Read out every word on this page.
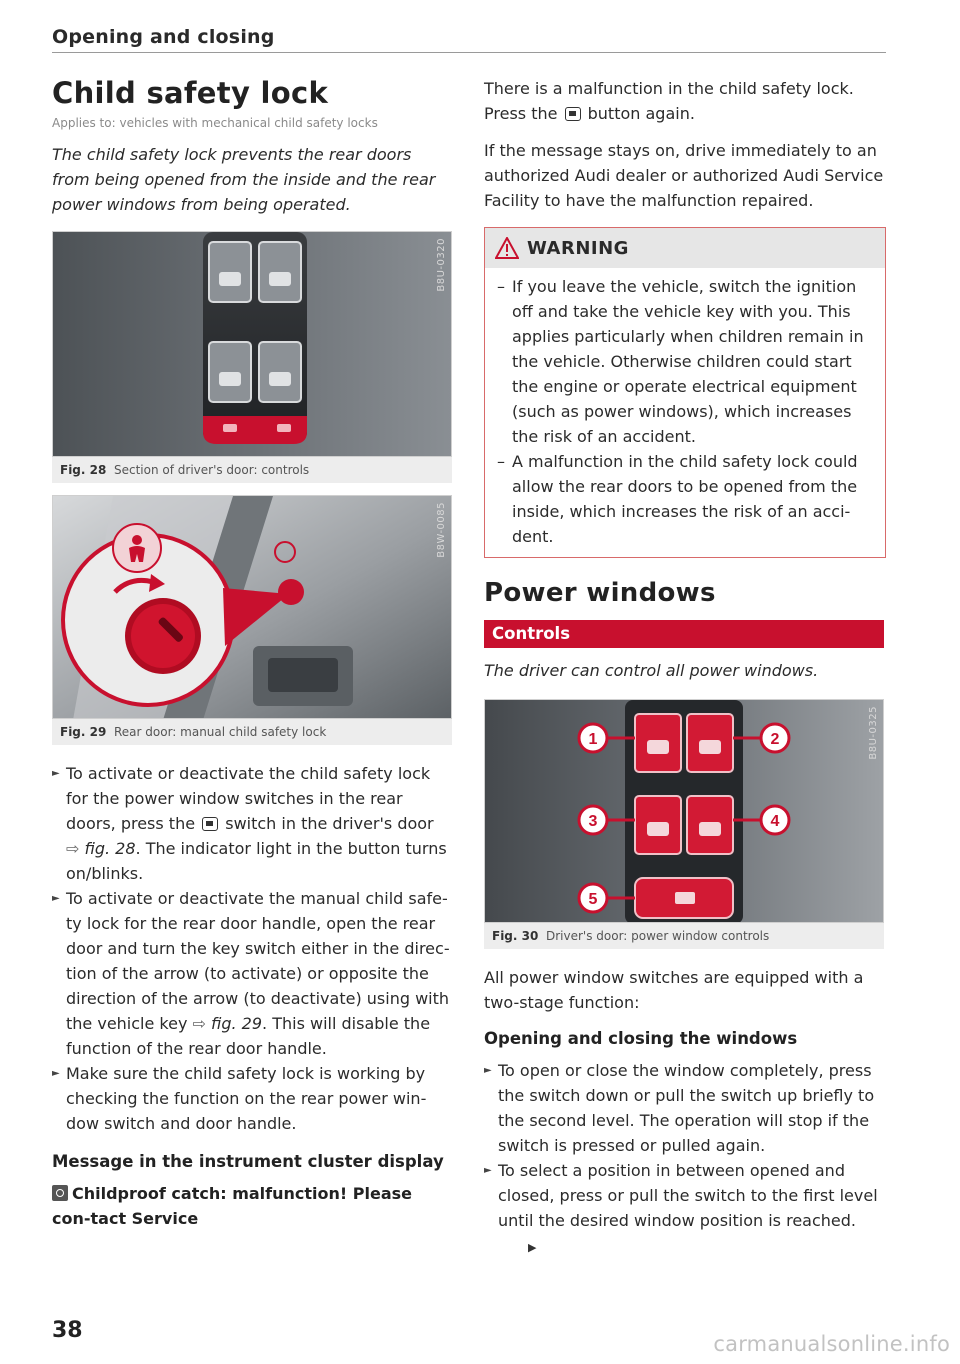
Opening and closing
Child safety lock
Applies to: vehicles with mechanical child safety locks
The child safety lock prevents the rear doors from being opened from the inside and the rear power windows from being operated.
B8U-0320
Fig. 28 Section of driver's door: controls
B8W-0085
Fig. 29 Rear door: manual child safety lock
► To activate or deactivate the child safety lock for the power window switches in the rear doors, press the  switch in the driver's door ⇨ fig. 28. The indicator light in the button turns on/blinks.
► To activate or deactivate the manual child safe-ty lock for the rear door handle, open the rear door and turn the key switch either in the direc-tion of the arrow (to activate) or opposite the direction of the arrow (to deactivate) using with the vehicle key ⇨ fig. 29. This will disable the function of the rear door handle.
► Make sure the child safety lock is working by checking the function on the rear power win-dow switch and door handle.
Message in the instrument cluster display
Childproof catch: malfunction! Please con-tact Service

There is a malfunction in the child safety lock. Press the  button again.

If the message stays on, drive immediately to an authorized Audi dealer or authorized Audi Service Facility to have the malfunction repaired.

WARNING
– If you leave the vehicle, switch the ignition off and take the vehicle key with you. This applies particularly when children remain in the vehicle. Otherwise children could start the engine or operate electrical equipment (such as power windows), which increases the risk of an accident.
– A malfunction in the child safety lock could allow the rear doors to be opened from the inside, which increases the risk of an acci-dent.
Power windows
Controls
The driver can control all power windows.
1	2
3	4
5
B8U-0325
Fig. 30 Driver's door: power window controls

All power window switches are equipped with a two-stage function:

Opening and closing the windows
► To open or close the window completely, press the switch down or pull the switch up briefly to the second level. The operation will stop if the switch is pressed or pulled again.
► To select a position in between opened and closed, press or pull the switch to the first level until the desired window position is reached.▶
38
carmanualsonline.info
